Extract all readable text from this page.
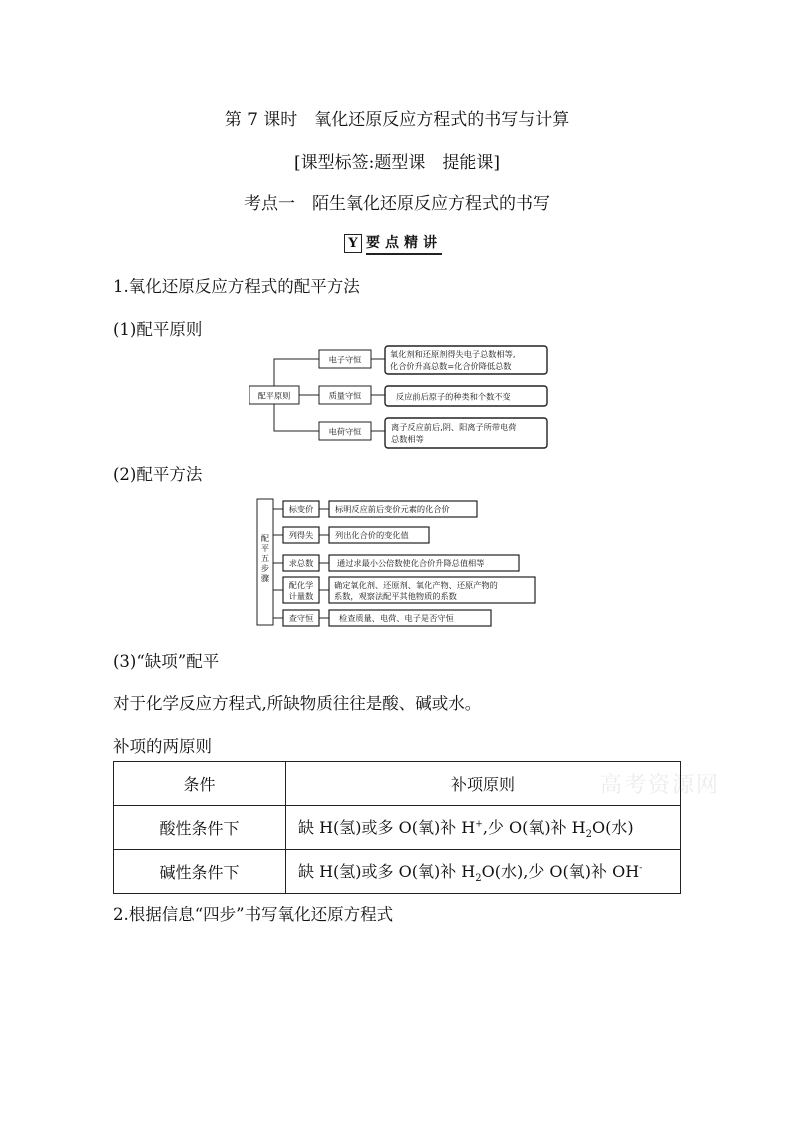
第 7 课时　氧化还原反应方程式的书写与计算
[课型标签:题型课　提能课]
考点一　陌生氧化还原反应方程式的书写
Y 要点精讲
1.氧化还原反应方程式的配平方法
(1)配平原则
配平原则
电子守恒
质量守恒
电荷守恒
氧化剂和还原剂得失电子总数相等,
化合价升高总数=化合价降低总数
反应前后原子的种类和个数不变
离子反应前后,阴、阳离子所带电荷
总数相等
(2)配平方法
配
平
五
步
骤
标变价
列得失
求总数
配化学
计量数
查守恒
标明反应前后变价元素的化合价
列出化合价的变化值
通过求最小公倍数使化合价升降总值相等
确定氧化剂、还原剂、氧化产物、还原产物的
系数，观察法配平其他物质的系数
检查质量、电荷、电子是否守恒
(3)“缺项”配平
对于化学反应方程式,所缺物质往往是酸、碱或水。
补项的两原则
高考资源网
条件	补项原则
酸性条件下	缺 H(氢)或多 O(氧)补 H+,少 O(氧)补 $H_2O$(水)
碱性条件下	缺 H(氢)或多 O(氧)补 $H_2O$(水),少 O(氧)补 OH-
2.根据信息“四步”书写氧化还原方程式
